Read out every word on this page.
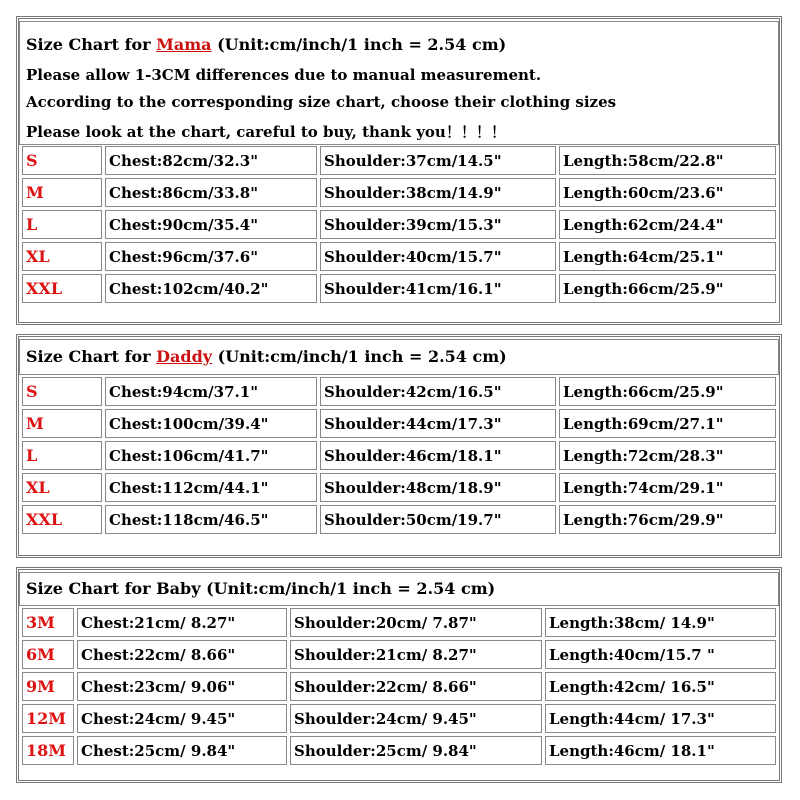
Size Chart for Mama (Unit:cm/inch/1 inch = 2.54 cm)
Please allow 1-3CM differences due to manual measurement.
According to the corresponding size chart, choose their clothing sizes
Please look at the chart, careful to buy, thank you！！！！
S	Chest:82cm/32.3"	Shoulder:37cm/14.5"	Length:58cm/22.8"
M	Chest:86cm/33.8"	Shoulder:38cm/14.9"	Length:60cm/23.6"
L	Chest:90cm/35.4"	Shoulder:39cm/15.3"	Length:62cm/24.4"
XL	Chest:96cm/37.6"	Shoulder:40cm/15.7"	Length:64cm/25.1"
XXL	Chest:102cm/40.2"	Shoulder:41cm/16.1"	Length:66cm/25.9"
Size Chart for Daddy (Unit:cm/inch/1 inch = 2.54 cm)
S	Chest:94cm/37.1"	Shoulder:42cm/16.5"	Length:66cm/25.9"
M	Chest:100cm/39.4"	Shoulder:44cm/17.3"	Length:69cm/27.1"
L	Chest:106cm/41.7"	Shoulder:46cm/18.1"	Length:72cm/28.3"
XL	Chest:112cm/44.1"	Shoulder:48cm/18.9"	Length:74cm/29.1"
XXL	Chest:118cm/46.5"	Shoulder:50cm/19.7"	Length:76cm/29.9"
Size Chart for Baby (Unit:cm/inch/1 inch = 2.54 cm)
3M	Chest:21cm/ 8.27"	Shoulder:20cm/ 7.87"	Length:38cm/ 14.9"
6M	Chest:22cm/ 8.66"	Shoulder:21cm/ 8.27"	Length:40cm/15.7 "
9M	Chest:23cm/ 9.06"	Shoulder:22cm/ 8.66"	Length:42cm/ 16.5"
12M	Chest:24cm/ 9.45"	Shoulder:24cm/ 9.45"	Length:44cm/ 17.3"
18M	Chest:25cm/ 9.84"	Shoulder:25cm/ 9.84"	Length:46cm/ 18.1"
